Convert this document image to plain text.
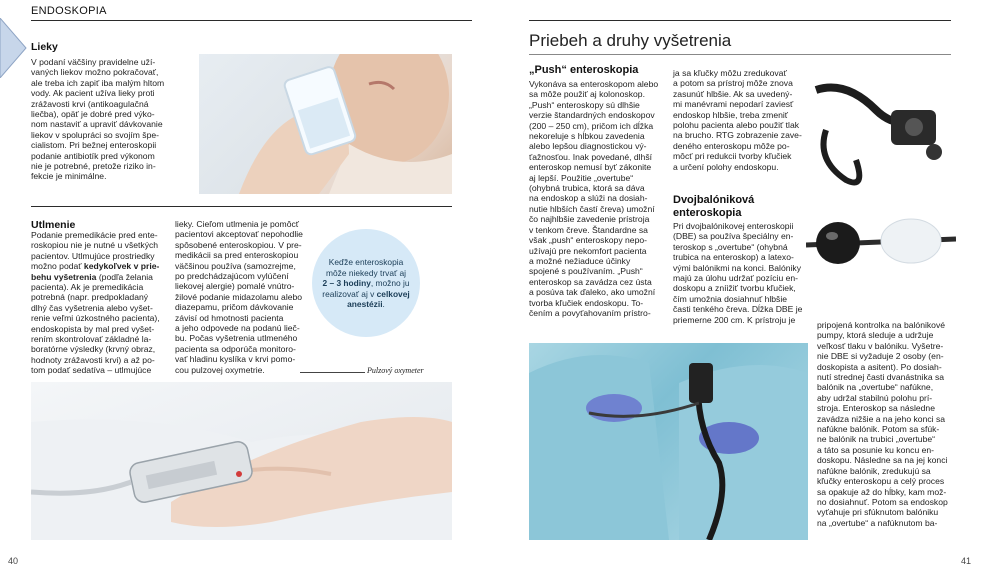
ENDOSKOPIA
Lieky
V podaní väčšiny pravidelne uží-
vaných liekov možno pokračovať,
ale treba ich zapiť iba malým hltom
vody. Ak pacient užíva lieky proti
zrážavosti krvi (antikoagulačná
liečba), opäť je dobré pred výko-
nom nastaviť a upraviť dávkovanie
liekov v spolupráci so svojím špe-
cialistom. Pri bežnej enteroskopii
podanie antibiotík pred výkonom
nie je potrebné, pretože riziko in-
fekcie je minimálne.
Utlmenie
Podanie premedikácie pred ente-
roskopiou nie je nutné u všetkých
pacientov. Utlmujúce prostriedky
možno podať kedykoľvek v prie-
behu vyšetrenia (podľa želania
pacienta). Ak je premedikácia
potrebná (napr. predpokladaný
dlhý čas vyšetrenia alebo vyšet-
renie veľmi úzkostného pacienta),
endoskopista by mal pred vyšet-
rením skontrolovať základné la-
boratórne výsledky (krvný obraz,
hodnoty zrážavosti krvi) a až po-
tom podať sedatíva – utlmujúce
lieky. Cieľom utlmenia je pomôcť
pacientovi akceptovať nepohodlie
spôsobené enteroskopiou. V pre-
medikácii sa pred enteroskopiou
väčšinou používa (samozrejme,
po predchádzajúcom vylúčení
liekovej alergie) pomalé vnútro-
žilové podanie midazolamu alebo
diazepamu, pričom dávkovanie
závisí od hmotnosti pacienta
a jeho odpovede na podanú lieč-
bu. Počas vyšetrenia utlmeného
pacienta sa odporúča monitoro-
vať hladinu kyslíka v krvi pomo-
cou pulzovej oxymetrie.
Keďže enteroskopia
môže niekedy trvať aj
2 – 3 hodiny, možno ju
realizovať aj v celkovej
anestézii.
Pulzový oxymeter
40
Priebeh a druhy vyšetrenia
„Push“ enteroskopia
Vykonáva sa enteroskopom alebo
sa môže použiť aj kolonoskop.
„Push“ enteroskopy sú dlhšie
verzie štandardných endoskopov
(200 – 250 cm), pričom ich dĺžka
nekoreluje s hĺbkou zavedenia
alebo lepšou diagnostickou vý-
ťažnosťou. Inak povedané, dlhší
enteroskop nemusí byť zákonite
aj lepší. Použitie „overtube“
(ohybná trubica, ktorá sa dáva
na endoskop a slúži na dosiah-
nutie hlbších častí čreva) umožní
čo najhlbšie zavedenie prístroja
v tenkom čreve. Štandardne sa
však „push“ enteroskopy nepo-
užívajú pre nekomfort pacienta
a možné nežiaduce účinky
spojené s používaním. „Push“
enteroskop sa zavádza cez ústa
a posúva tak ďaleko, ako umožní
tvorba kľučiek endoskopu. To-
čením a povyťahovaním prístro-
ja sa kľučky môžu zredukovať
a potom sa prístroj môže znova
zasunúť hlbšie. Ak sa uvedený-
mi manévrami nepodarí zaviesť
endoskop hlbšie, treba zmeniť
polohu pacienta alebo použiť tlak
na brucho. RTG zobrazenie zave-
deného enteroskopu môže po-
môcť pri redukcii tvorby kľučiek
a určení polohy endoskopu.
Dvojbalóniková
enteroskopia
Pri dvojbalónikovej enteroskopii
(DBE) sa používa špeciálny en-
teroskop s „overtube“ (ohybná
trubica na enteroskop) a latexo-
vými balónikmi na konci. Balóniky
majú za úlohu udržať pozíciu en-
doskopu a zníižiť tvorbu kľučiek,
čím umožnia dosiahnuť hlbšie
časti tenkého čreva. Dĺžka DBE je
priemerne 200 cm. K prístroju je
pripojená kontrolka na balónikové
pumpy, ktorá sleduje a udržuje
veľkosť tlaku v balóniku. Vyšetre-
nie DBE si vyžaduje 2 osoby (en-
doskopista a asitent). Po dosiah-
nutí strednej časti dvanástnika sa
balónik na „overtube“ nafúkne,
aby udržal stabilnú polohu prí-
stroja. Enteroskop sa následne
zavádza nižšie a na jeho konci sa
nafúkne balónik. Potom sa sfúk-
ne balónik na trubici „overtube“
a táto sa posunie ku koncu en-
doskopu. Následne sa na jej konci
nafúkne balónik, zredukujú sa
kľučky enteroskopu a celý proces
sa opakuje až do hĺbky, kam mož-
no dosiahnuť. Potom sa endoskop
vyťahuje pri sfúknutom balóniku
na „overtube“ a nafúknutom ba-
41
